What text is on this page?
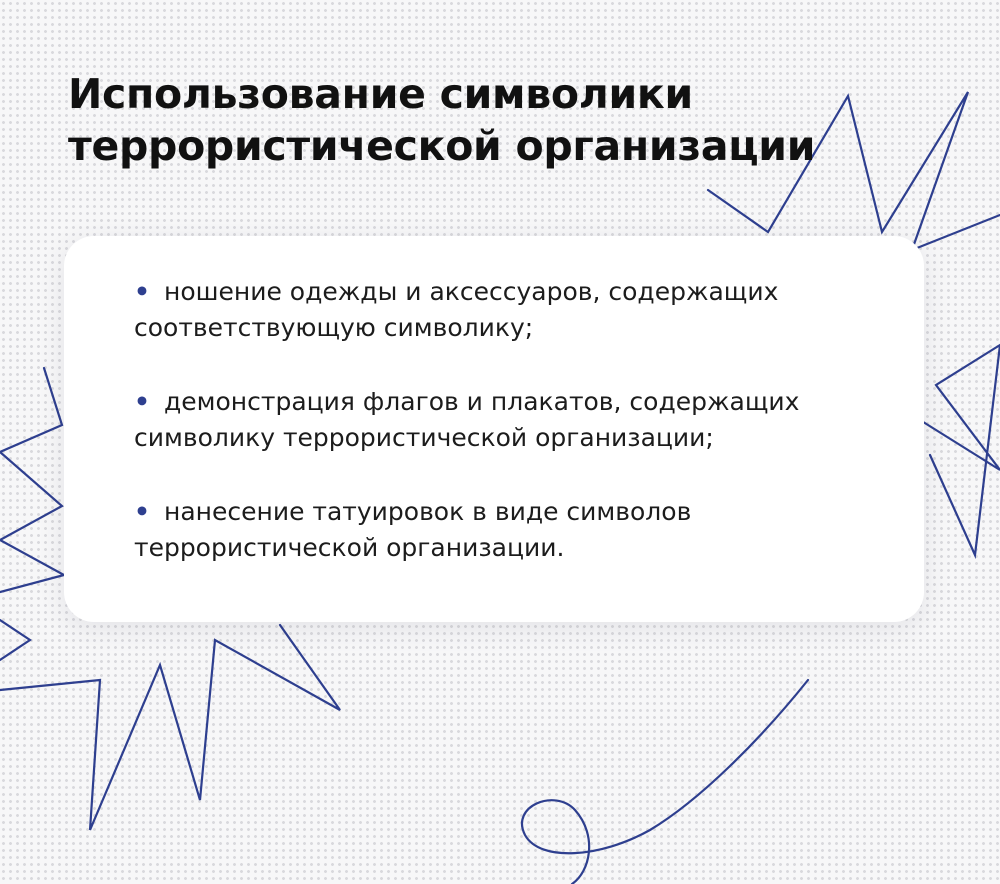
Использование символики
террористической организации
• ношение одежды и аксессуаров, содержащих
соответствующую символику;
• демонстрация флагов и плакатов, содержащих
символику террористической организации;
• нанесение татуировок в виде символов
террористической организации.
